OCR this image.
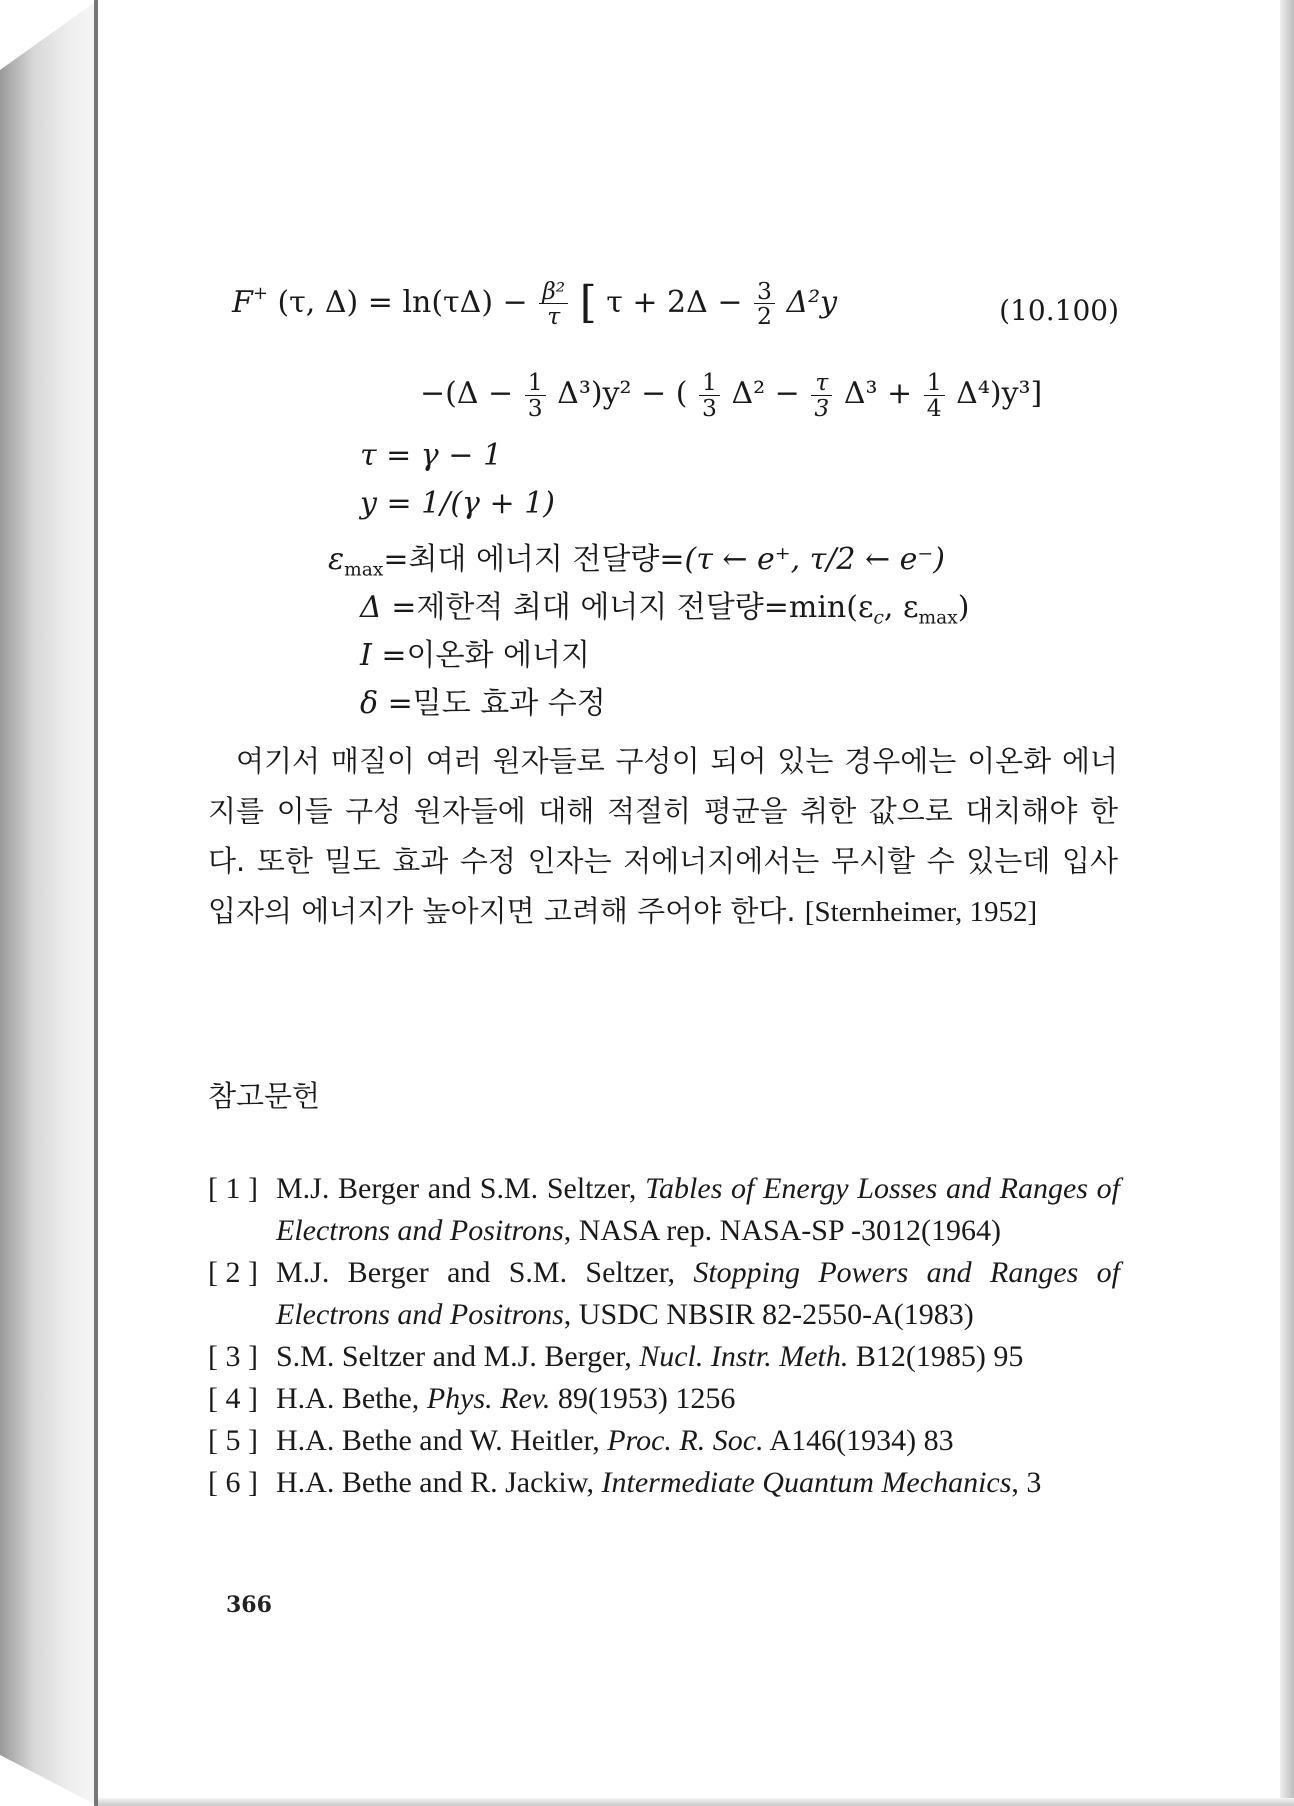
F+ (τ, $\Delta) = \ln(\tau\Delta) - \frac{\text{β²}}{\tau}$ [ $\tau + 2\Delta - \frac{3}{2} \Delta^2y$	(10.100)
$-(\Delta - \frac{1}{3} \Delta^3)y^2$ − ( $\frac{1}{3} \Delta^2 - \frac{\tau}{3} \Delta^3 + \frac{1}{4} \Delta^4)y^3$]
τ = γ − 1
y = 1/(γ + 1)
$\varepsilon_{max}=$최대 에너지 전달량=(τ ← e⁺, τ/2 ← e⁻)
Δ =제한적 최대 에너지 전달량$=\min(\varepsilon_c$, $\varepsilon_{max}$)
I =이온화 에너지
δ =밀도 효과 수정
여기서 매질이 여러 원자들로 구성이 되어 있는 경우에는 이온화 에너지를 이들 구성 원자들에 대해 적절히 평균을 취한 값으로 대치해야 한다. 또한 밀도 효과 수정 인자는 저에너지에서는 무시할 수 있는데 입사 입자의 에너지가 높아지면 고려해 주어야 한다. [Sternheimer, 1952]
참고문헌
[ 1 ] M.J. Berger and S.M. Seltzer, Tables of Energy Losses and Ranges of Electrons and Positrons, NASA rep. NASA-SP -3012(1964)
[ 2 ] M.J. Berger and S.M. Seltzer, Stopping Powers and Ranges of Electrons and Positrons, USDC NBSIR 82-2550-A(1983)
[ 3 ] S.M. Seltzer and M.J. Berger, Nucl. Instr. Meth. B12(1985) 95
[ 4 ] H.A. Bethe, Phys. Rev. 89(1953) 1256
[ 5 ] H.A. Bethe and W. Heitler, Proc. R. Soc. A146(1934) 83
[ 6 ] H.A. Bethe and R. Jackiw, Intermediate Quantum Mechanics, 3
366
